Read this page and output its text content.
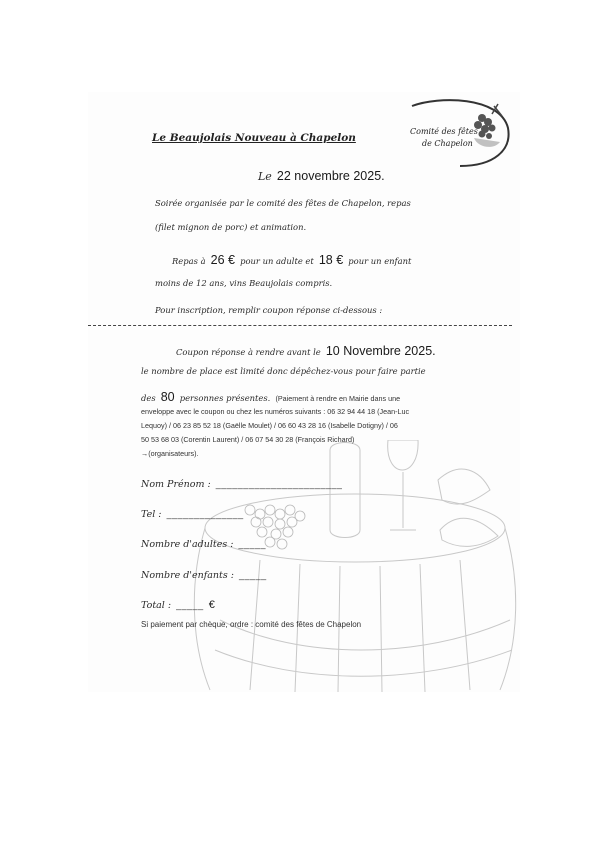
Comité des fêtes
de Chapelon
Le Beaujolais Nouveau à Chapelon
Le 22 novembre 2025.
Soirée organisée par le comité des fêtes de Chapelon, repas
(filet mignon de porc) et animation.
Repas à 26 € pour un adulte et 18 € pour un enfant
moins de 12 ans, vins Beaujolais compris.
Pour inscription, remplir coupon réponse ci-dessous :
Coupon réponse à rendre avant le 10 Novembre 2025.
le nombre de place est limité donc dépêchez-vous pour faire partie
des 80 personnes présentes. (Paiement à rendre en Mairie dans une
enveloppe avec le coupon ou chez les numéros suivants : 06 32 94 44 18 (Jean-Luc
Lequoy) / 06 23 85 52 18 (Gaëlle Moulet) / 06 60 43 28 16 (Isabelle Dotigny) / 06
50 53 68 03 (Corentin Laurent) / 06 07 54 30 28 (François Richard)
→(organisateurs).
Nom Prénom : _______________________
Tel : ______________
Nombre d'adultes : _____
Nombre d'enfants : _____
Total : _____ €
Si paiement par chèque, ordre : comité des fêtes de Chapelon
